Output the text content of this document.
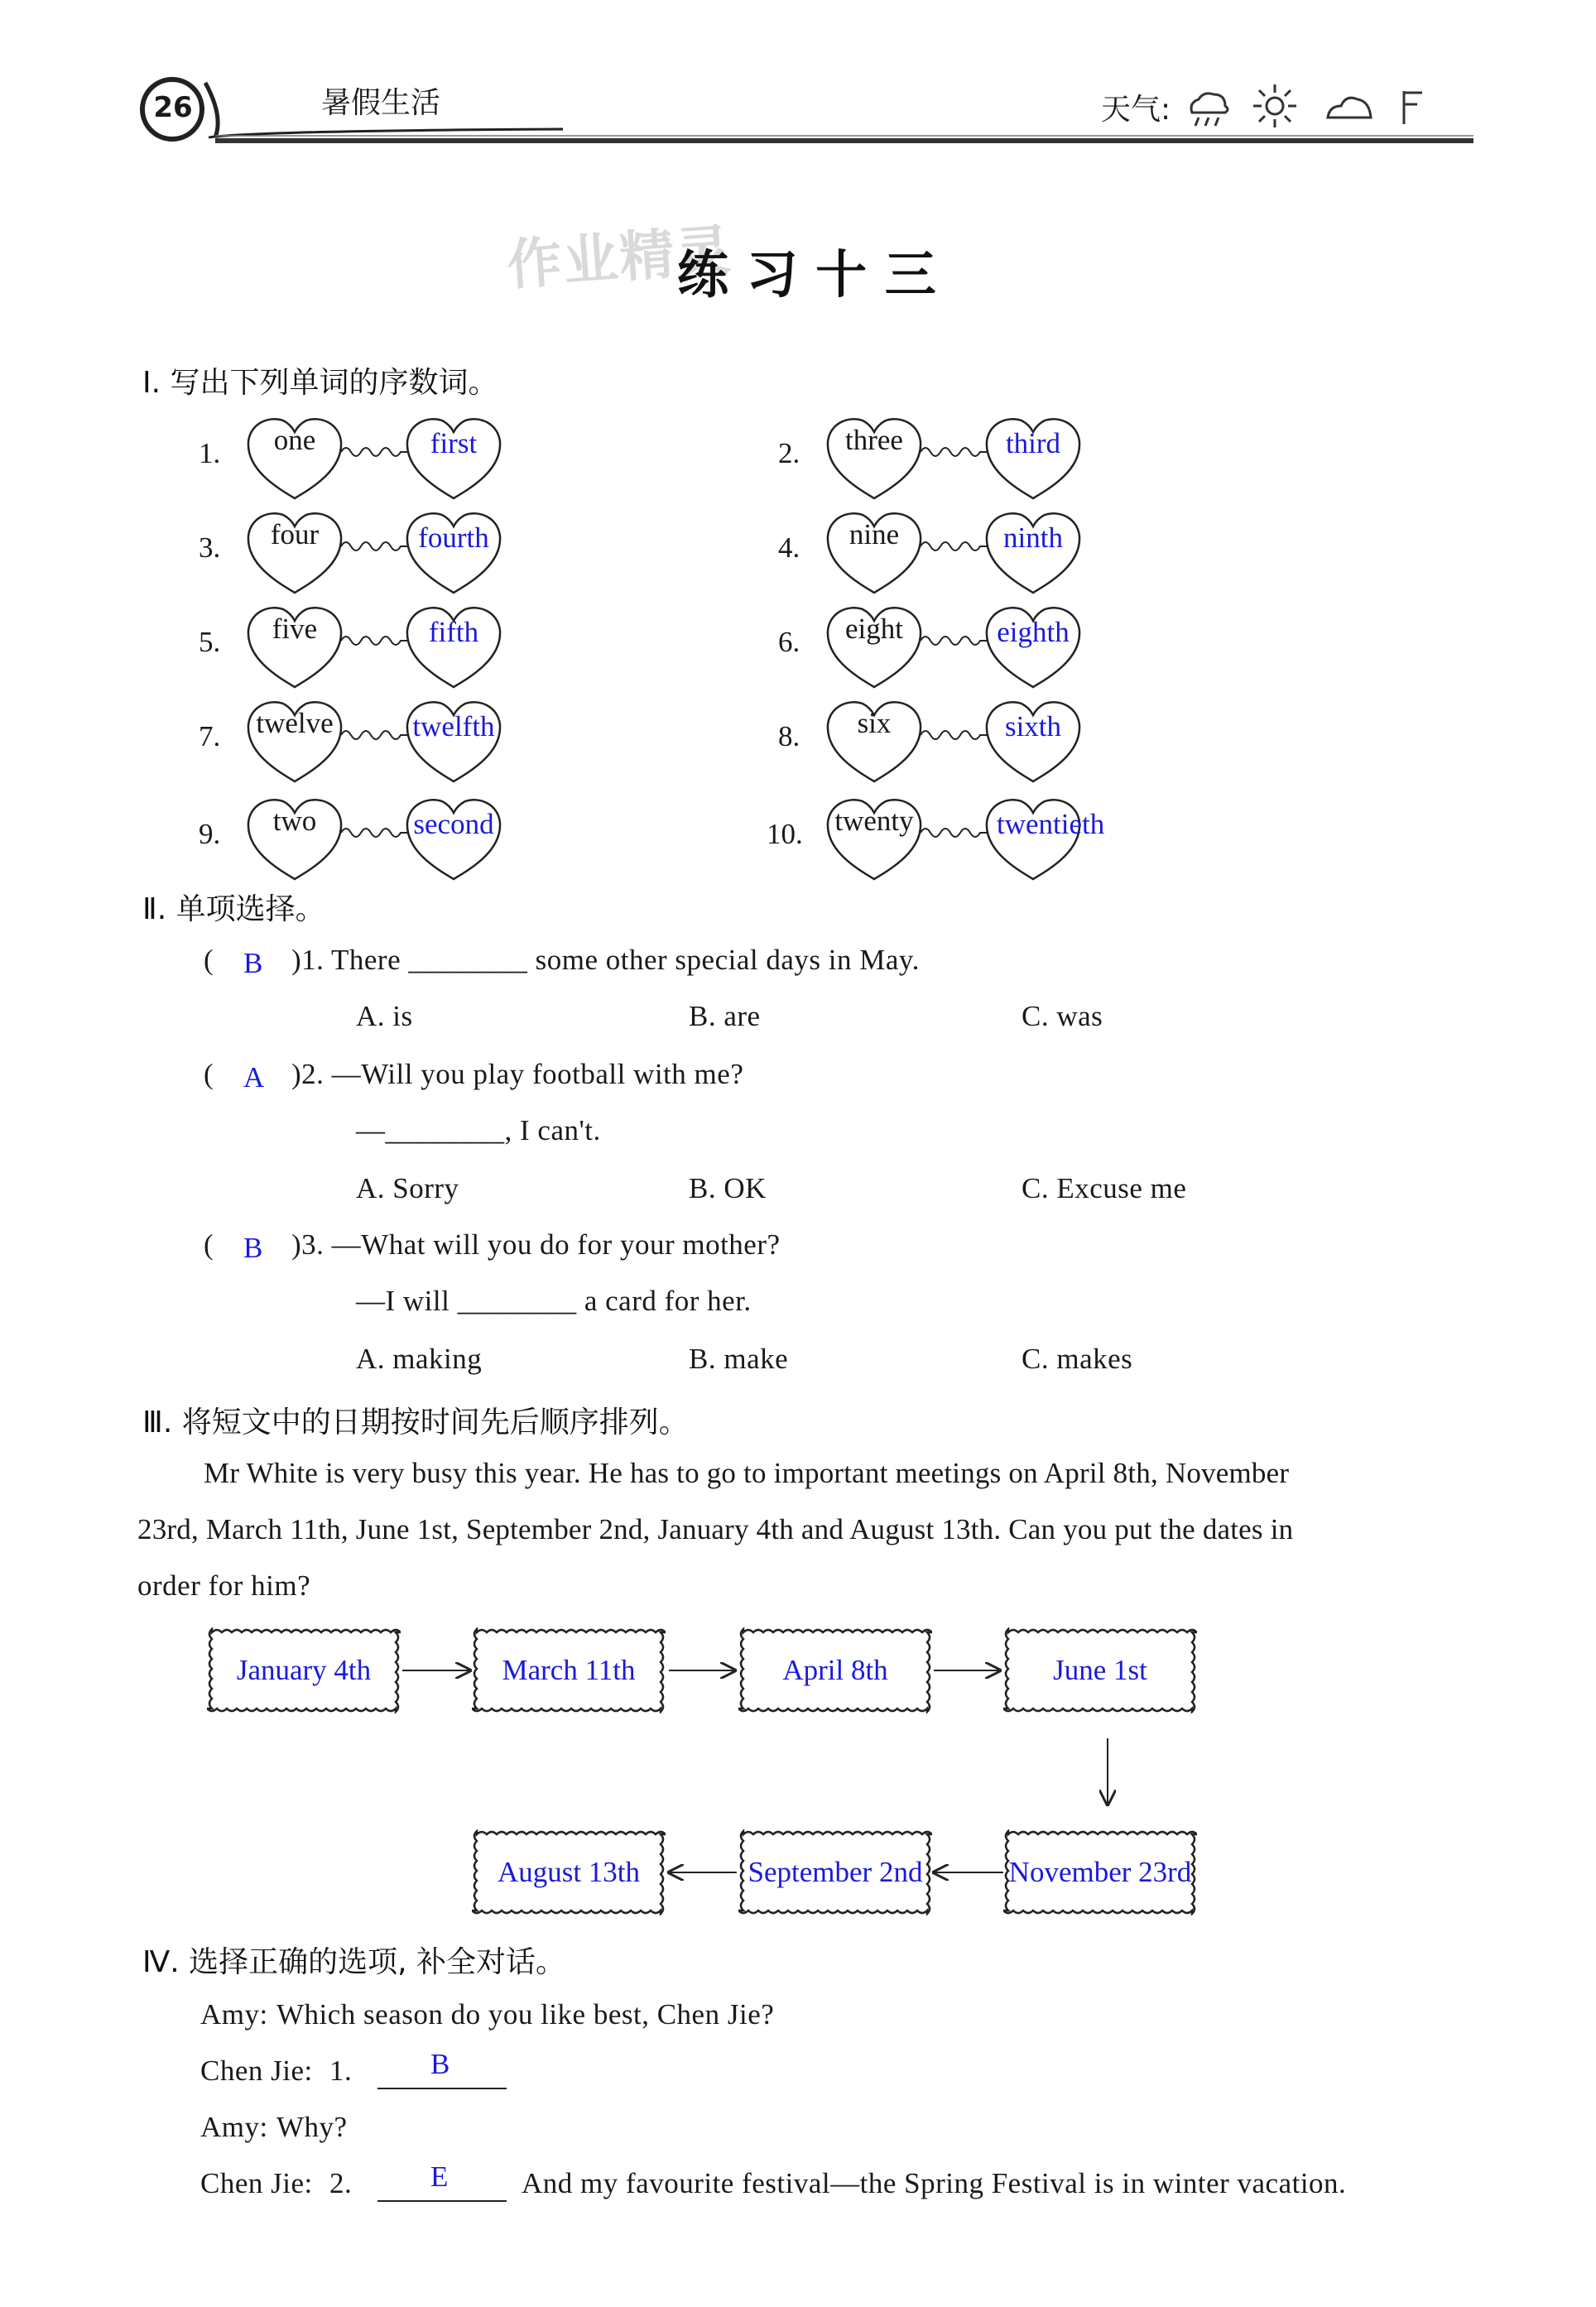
26	暑假生活	天气:
作业精灵
练 习 十 三
Ⅰ. 写出下列单词的序数词。
1.	one	first	2.	three	third
3.	four	fourth	4.	nine	ninth
5.	five	fifth	6.	eight	eighth
7.	twelve	twelfth	8.	six	sixth
9.	two	second	10.	twenty	twentieth
Ⅱ. 单项选择。
( B )1. There ________ some other special days in May.
A. is	B. are	C. was
( A )2. —Will you play football with me?
—________, I can't.
A. Sorry	B. OK	C. Excuse me
( B )3. —What will you do for your mother?
—I will ________ a card for her.
A. making	B. make	C. makes
Ⅲ. 将短文中的日期按时间先后顺序排列。
Mr White is very busy this year. He has to go to important meetings on April 8th, November
23rd, March 11th, June 1st, September 2nd, January 4th and August 13th. Can you put the dates in
order for him?
January 4th	March 11th	April 8th	June 1st
November 23rd
September 2nd
August 13th
Ⅳ. 选择正确的选项, 补全对话。
Amy: Which season do you like best, Chen Jie?
Chen Jie: 1.	B
Amy: Why?
Chen Jie: 2.	E	And my favourite festival—the Spring Festival is in winter vacation.
